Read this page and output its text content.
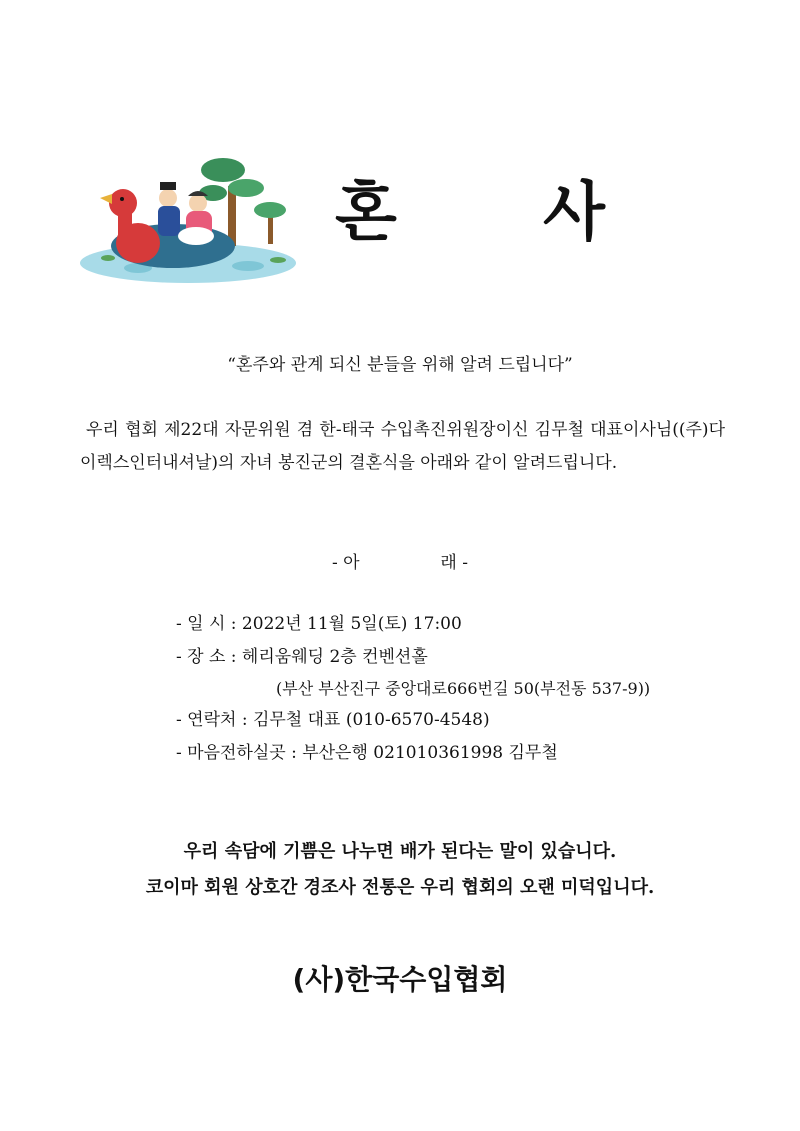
혼 사
“혼주와 관계 되신 분들을 위해 알려 드립니다”
우리 협회 제22대 자문위원 겸 한-태국 수입촉진위원장이신 김무철 대표이사님((주)다이렉스인터내셔날)의 자녀 봉진군의 결혼식을 아래와 같이 알려드립니다.
- 아	래 -
- 일 시 : 2022년 11월 5일(토) 17:00
- 장 소 : 헤리움웨딩 2층 컨벤션홀
(부산 부산진구 중앙대로666번길 50(부전동 537-9))
- 연락처 : 김무철 대표 (010-6570-4548)
- 마음전하실곳 : 부산은행 021010361998 김무철
우리 속담에 기쁨은 나누면 배가 된다는 말이 있습니다.
코이마 회원 상호간 경조사 전통은 우리 협회의 오랜 미덕입니다.
(사)한국수입협회
